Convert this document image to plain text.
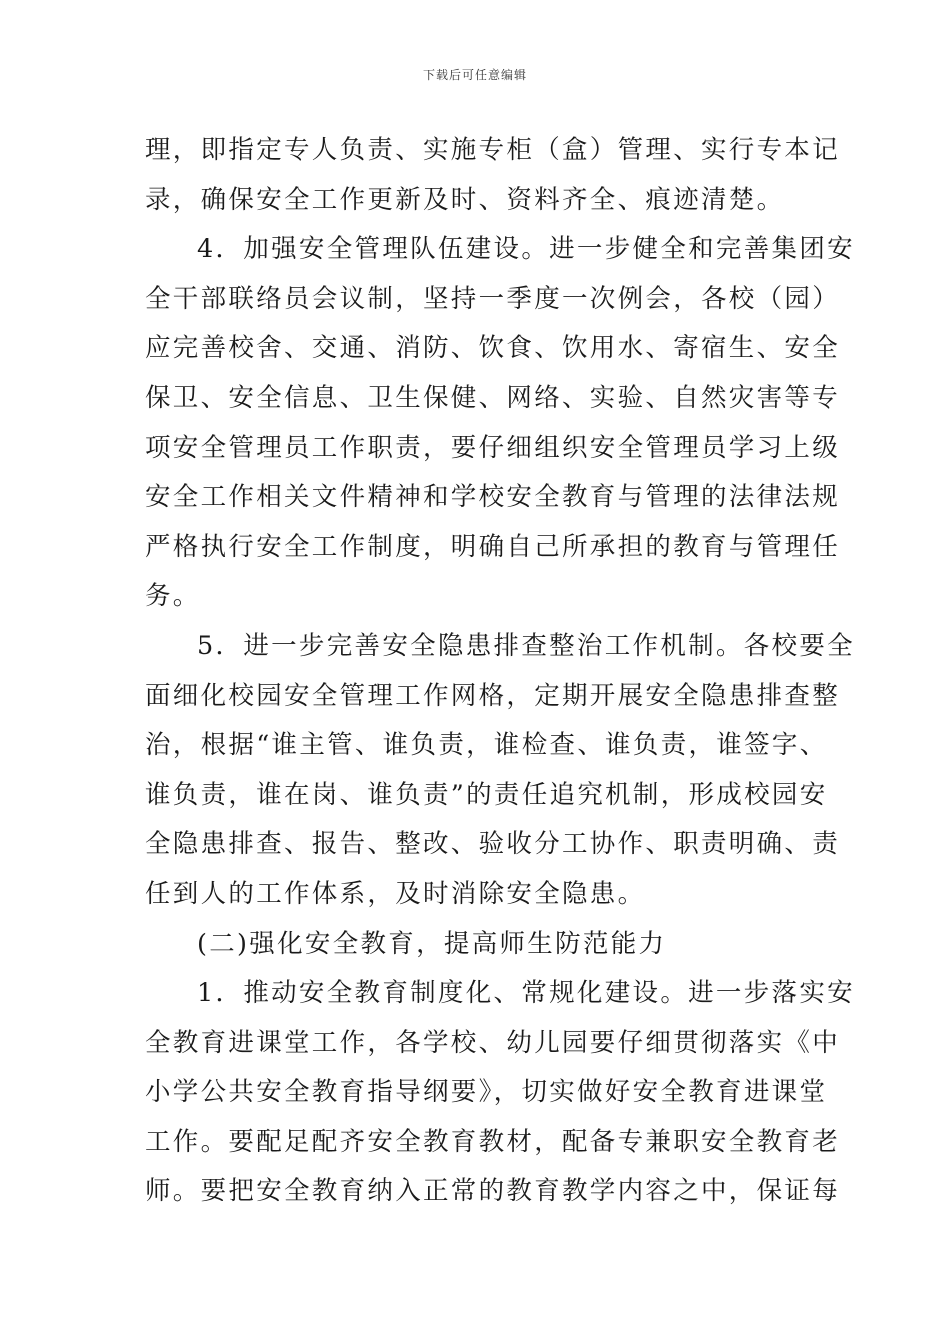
下载后可任意编辑
理，即指定专人负责、实施专柜（盒）管理、实行专本记
录，确保安全工作更新及时、资料齐全、痕迹清楚。
4．加强安全管理队伍建设。进一步健全和完善集团安
全干部联络员会议制，坚持一季度一次例会，各校（园）
应完善校舍、交通、消防、饮食、饮用水、寄宿生、安全
保卫、安全信息、卫生保健、网络、实验、自然灾害等专
项安全管理员工作职责，要仔细组织安全管理员学习上级
安全工作相关文件精神和学校安全教育与管理的法律法规
严格执行安全工作制度，明确自己所承担的教育与管理任
务。
5．进一步完善安全隐患排查整治工作机制。各校要全
面细化校园安全管理工作网格，定期开展安全隐患排查整
治，根据“谁主管、谁负责，谁检查、谁负责，谁签字、
谁负责，谁在岗、谁负责”的责任追究机制，形成校园安
全隐患排查、报告、整改、验收分工协作、职责明确、责
任到人的工作体系，及时消除安全隐患。
(二)强化安全教育，提高师生防范能力
1．推动安全教育制度化、常规化建设。进一步落实安
全教育进课堂工作，各学校、幼儿园要仔细贯彻落实《中
小学公共安全教育指导纲要》，切实做好安全教育进课堂
工作。要配足配齐安全教育教材，配备专兼职安全教育老
师。要把安全教育纳入正常的教育教学内容之中，保证每
